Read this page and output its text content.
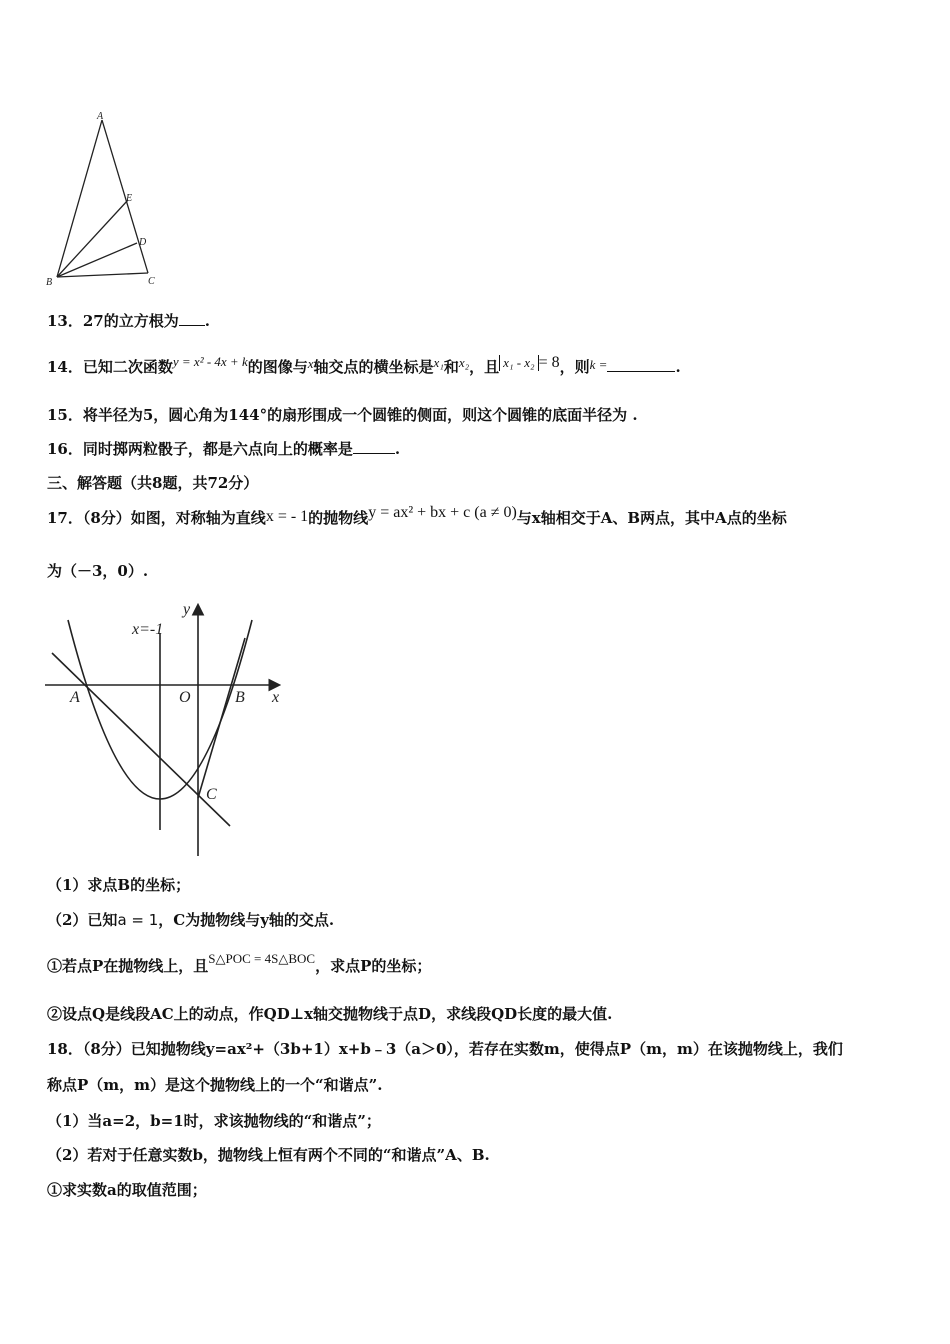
A
E
D
B	C
13．27的立方根为 .
14．已知二次函数y = x² - 4x + k的图像与x轴交点的横坐标是x₁和x₂，且 x₁ - x₂ = 8，则k =	.
15．将半径为5，圆心角为144°的扇形围成一个圆锥的侧面，则这个圆锥的底面半径为 .
16．同时掷两粒骰子，都是六点向上的概率是	.
三、解答题（共8题，共72分）
17．（8分）如图，对称轴为直线x = - 1的抛物线y = ax² + bx + c (a ≠ 0)与x轴相交于A、B两点，其中A点的坐标
为（－3，0）.
x=-1
y
x
A	O	B
C
（1）求点B的坐标；
（2）已知a = 1，C为抛物线与y轴的交点.
①若点P在抛物线上，且S△POC = 4S△BOC，求点P的坐标；
②设点Q是线段AC上的动点，作QD⊥x轴交抛物线于点D，求线段QD长度的最大值.
18．（8分）已知抛物线y=ax²+（3b+1）x+b﹣3（a＞0），若存在实数m，使得点P（m，m）在该抛物线上，我们
称点P（m，m）是这个抛物线上的一个“和谐点”.
（1）当a=2，b=1时，求该抛物线的“和谐点”；
（2）若对于任意实数b，抛物线上恒有两个不同的“和谐点”A、B.
①求实数a的取值范围；
